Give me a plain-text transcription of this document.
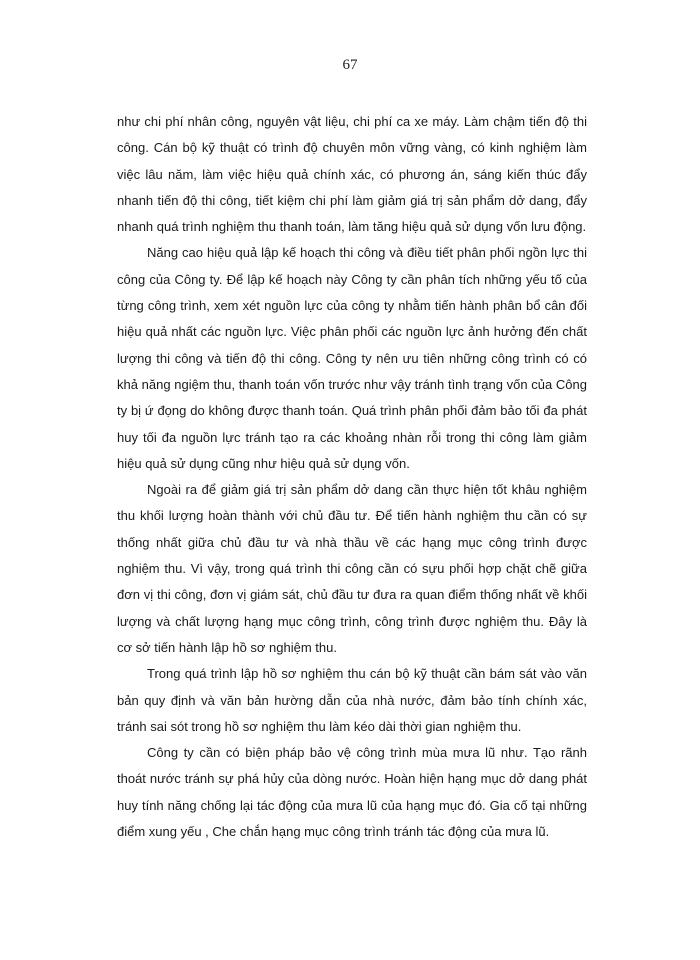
67

như chi phí nhân công, nguyên vật liệu, chi phí ca xe máy. Làm chậm tiến độ thi công. Cán bộ kỹ thuật có trình độ chuyên môn vững vàng, có kinh nghiệm làm việc lâu năm, làm việc hiệu quả chính xác, có phương án, sáng kiến thúc đẩy nhanh tiến độ thi công, tiết kiệm chi phí làm giảm giá trị sản phẩm dở dang, đẩy nhanh quá trình nghiệm thu thanh toán, làm tăng hiệu quả sử dụng vốn lưu động.

Năng cao hiệu quả lập kế hoạch thi công và điều tiết phân phối ngồn lực thi công của Công ty. Để lập kế hoạch này Công ty cần phân tích những yếu tố của từng công trình, xem xét nguồn lực của công ty nhằm tiến hành phân bổ cân đối hiệu quả nhất các nguồn lực. Việc phân phối các nguồn lực ảnh hưởng đến chất lượng thi công và tiến độ thi công. Công ty nên ưu tiên những công trình có có khả năng ngiệm thu, thanh toán vốn trước như vậy tránh tình trạng vốn của Công ty bị ứ đọng do không được thanh toán. Quá trình phân phối đảm bảo tối đa phát huy tối đa nguồn lực tránh tạo ra các khoảng nhàn rỗi trong thi công làm giảm hiệu quả sử dụng cũng như hiệu quả sử dụng vốn.

Ngoài ra để giảm giá trị sản phẩm dở dang cần thực hiện tốt khâu nghiệm thu khối lượng hoàn thành với chủ đầu tư. Để tiến hành nghiệm thu cần có sự thống nhất giữa chủ đầu tư và nhà thầu về các hạng mục công trình được nghiệm thu. Vì vậy, trong quá trình thi công cần có sựu phối hợp chặt chẽ giữa đơn vị thi công, đơn vị giám sát, chủ đầu tư đưa ra quan điểm thống nhất về khối lượng và chất lượng hạng mục công trình, công trình được nghiệm thu. Đây là cơ sở tiến hành lập hồ sơ nghiệm thu.

Trong quá trình lập hồ sơ nghiệm thu cán bộ kỹ thuật cần bám sát vào văn bản quy định và văn bản hường dẫn của nhà nước, đảm bảo tính chính xác, tránh sai sót trong hồ sơ nghiệm thu làm kéo dài thời gian nghiệm thu.

Công ty cần có biện pháp bảo vệ công trình mùa mưa lũ như. Tạo rãnh thoát nước tránh sự phá hủy của dòng nước. Hoàn hiện hạng mục dở dang phát huy tính năng chống lại tác động của mưa lũ của hạng mục đó. Gia cố tại những điểm xung yếu , Che chắn hạng mục công trình tránh tác động của mưa lũ.
